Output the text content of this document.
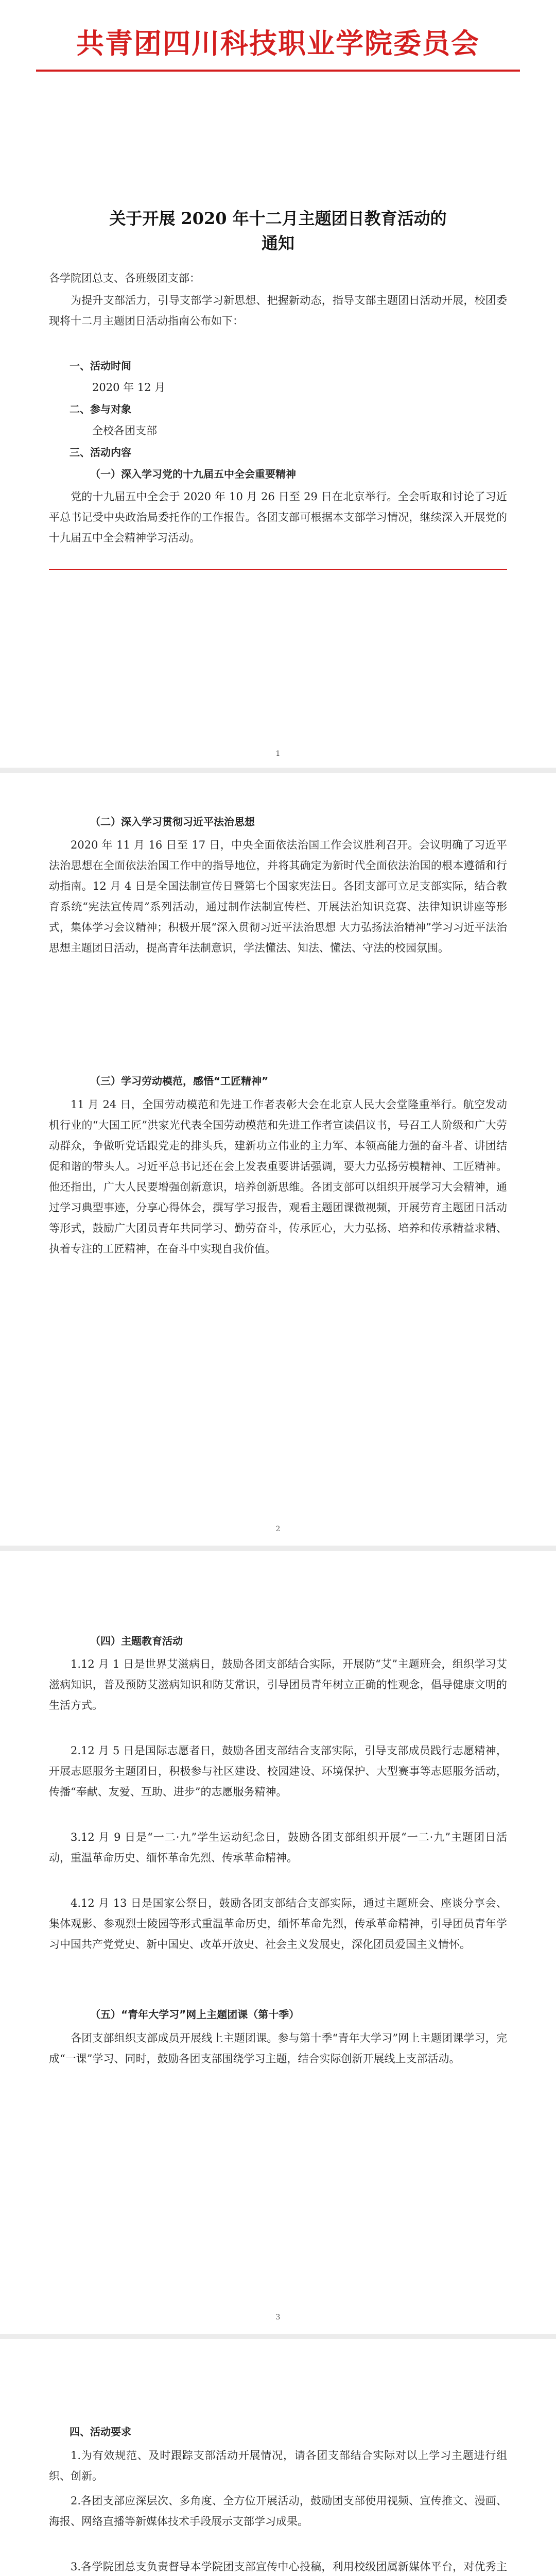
共青团四川科技职业学院委员会
关于开展 2020 年十二月主题团日教育活动的
通知
各学院团总支、各班级团支部：
为提升支部活力，引导支部学习新思想、把握新动态，指导支部主题团日活动开展，校团委现将十二月主题团日活动指南公布如下：
一、活动时间
2020 年 12 月
二、参与对象
全校各团支部
三、活动内容
（一）深入学习党的十九届五中全会重要精神
党的十九届五中全会于 2020 年 10 月 26 日至 29 日在北京举行。全会听取和讨论了习近平总书记受中央政治局委托作的工作报告。各团支部可根据本支部学习情况，继续深入开展党的十九届五中全会精神学习活动。
1
（二）深入学习贯彻习近平法治思想
2020 年 11 月 16 日至 17 日，中央全面依法治国工作会议胜利召开。会议明确了习近平法治思想在全面依法治国工作中的指导地位，并将其确定为新时代全面依法治国的根本遵循和行动指南。12 月 4 日是全国法制宣传日暨第七个国家宪法日。各团支部可立足支部实际，结合教育系统“宪法宣传周”系列活动，通过制作法制宣传栏、开展法治知识竞赛、法律知识讲座等形式，集体学习会议精神；积极开展“深入贯彻习近平法治思想 大力弘扬法治精神”学习习近平法治思想主题团日活动，提高青年法制意识，学法懂法、知法、懂法、守法的校园氛围。
（三）学习劳动模范，感悟“工匠精神”
11 月 24 日，全国劳动模范和先进工作者表彰大会在北京人民大会堂隆重举行。航空发动机行业的“大国工匠”洪家光代表全国劳动模范和先进工作者宣读倡议书，号召工人阶级和广大劳动群众，争做听党话跟党走的排头兵，建新功立伟业的主力军、本领高能力强的奋斗者、讲团结促和谐的带头人。习近平总书记还在会上发表重要讲话强调，要大力弘扬劳模精神、工匠精神。他还指出，广大人民要增强创新意识，培养创新思维。各团支部可以组织开展学习大会精神，通过学习典型事迹，分享心得体会，撰写学习报告，观看主题团课微视频，开展劳育主题团日活动等形式，鼓励广大团员青年共同学习、勤劳奋斗，传承匠心，大力弘扬、培养和传承精益求精、执着专注的工匠精神，在奋斗中实现自我价值。
2
（四）主题教育活动
1.12 月 1 日是世界艾滋病日，鼓励各团支部结合实际，开展防“艾”主题班会，组织学习艾滋病知识，普及预防艾滋病知识和防艾常识，引导团员青年树立正确的性观念，倡导健康文明的生活方式。
2.12 月 5 日是国际志愿者日，鼓励各团支部结合支部实际，引导支部成员践行志愿精神，开展志愿服务主题团日，积极参与社区建设、校园建设、环境保护、大型赛事等志愿服务活动，传播“奉献、友爱、互助、进步”的志愿服务精神。
3.12 月 9 日是“一二·九”学生运动纪念日，鼓励各团支部组织开展“一二·九”主题团日活动，重温革命历史、缅怀革命先烈、传承革命精神。
4.12 月 13 日是国家公祭日，鼓励各团支部结合支部实际，通过主题班会、座谈分享会、集体观影、参观烈士陵园等形式重温革命历史，缅怀革命先烈，传承革命精神，引导团员青年学习中国共产党党史、新中国史、改革开放史、社会主义发展史，深化团员爱国主义情怀。
（五）“青年大学习”网上主题团课（第十季）
各团支部组织支部成员开展线上主题团课。参与第十季“青年大学习”网上主题团课学习，完成“一课”学习、同时，鼓励各团支部围绕学习主题，结合实际创新开展线上支部活动。
3
四、活动要求
1.为有效规范、及时跟踪支部活动开展情况，请各团支部结合实际对以上学习主题进行组织、创新。
2.各团支部应深层次、多角度、全方位开展活动，鼓励团支部使用视频、宣传推文、漫画、海报、网络直播等新媒体技术手段展示支部学习成果。
3.各学院团总支负责督导本学院团支部宣传中心投稿，利用校级团属新媒体平台，对优秀主
